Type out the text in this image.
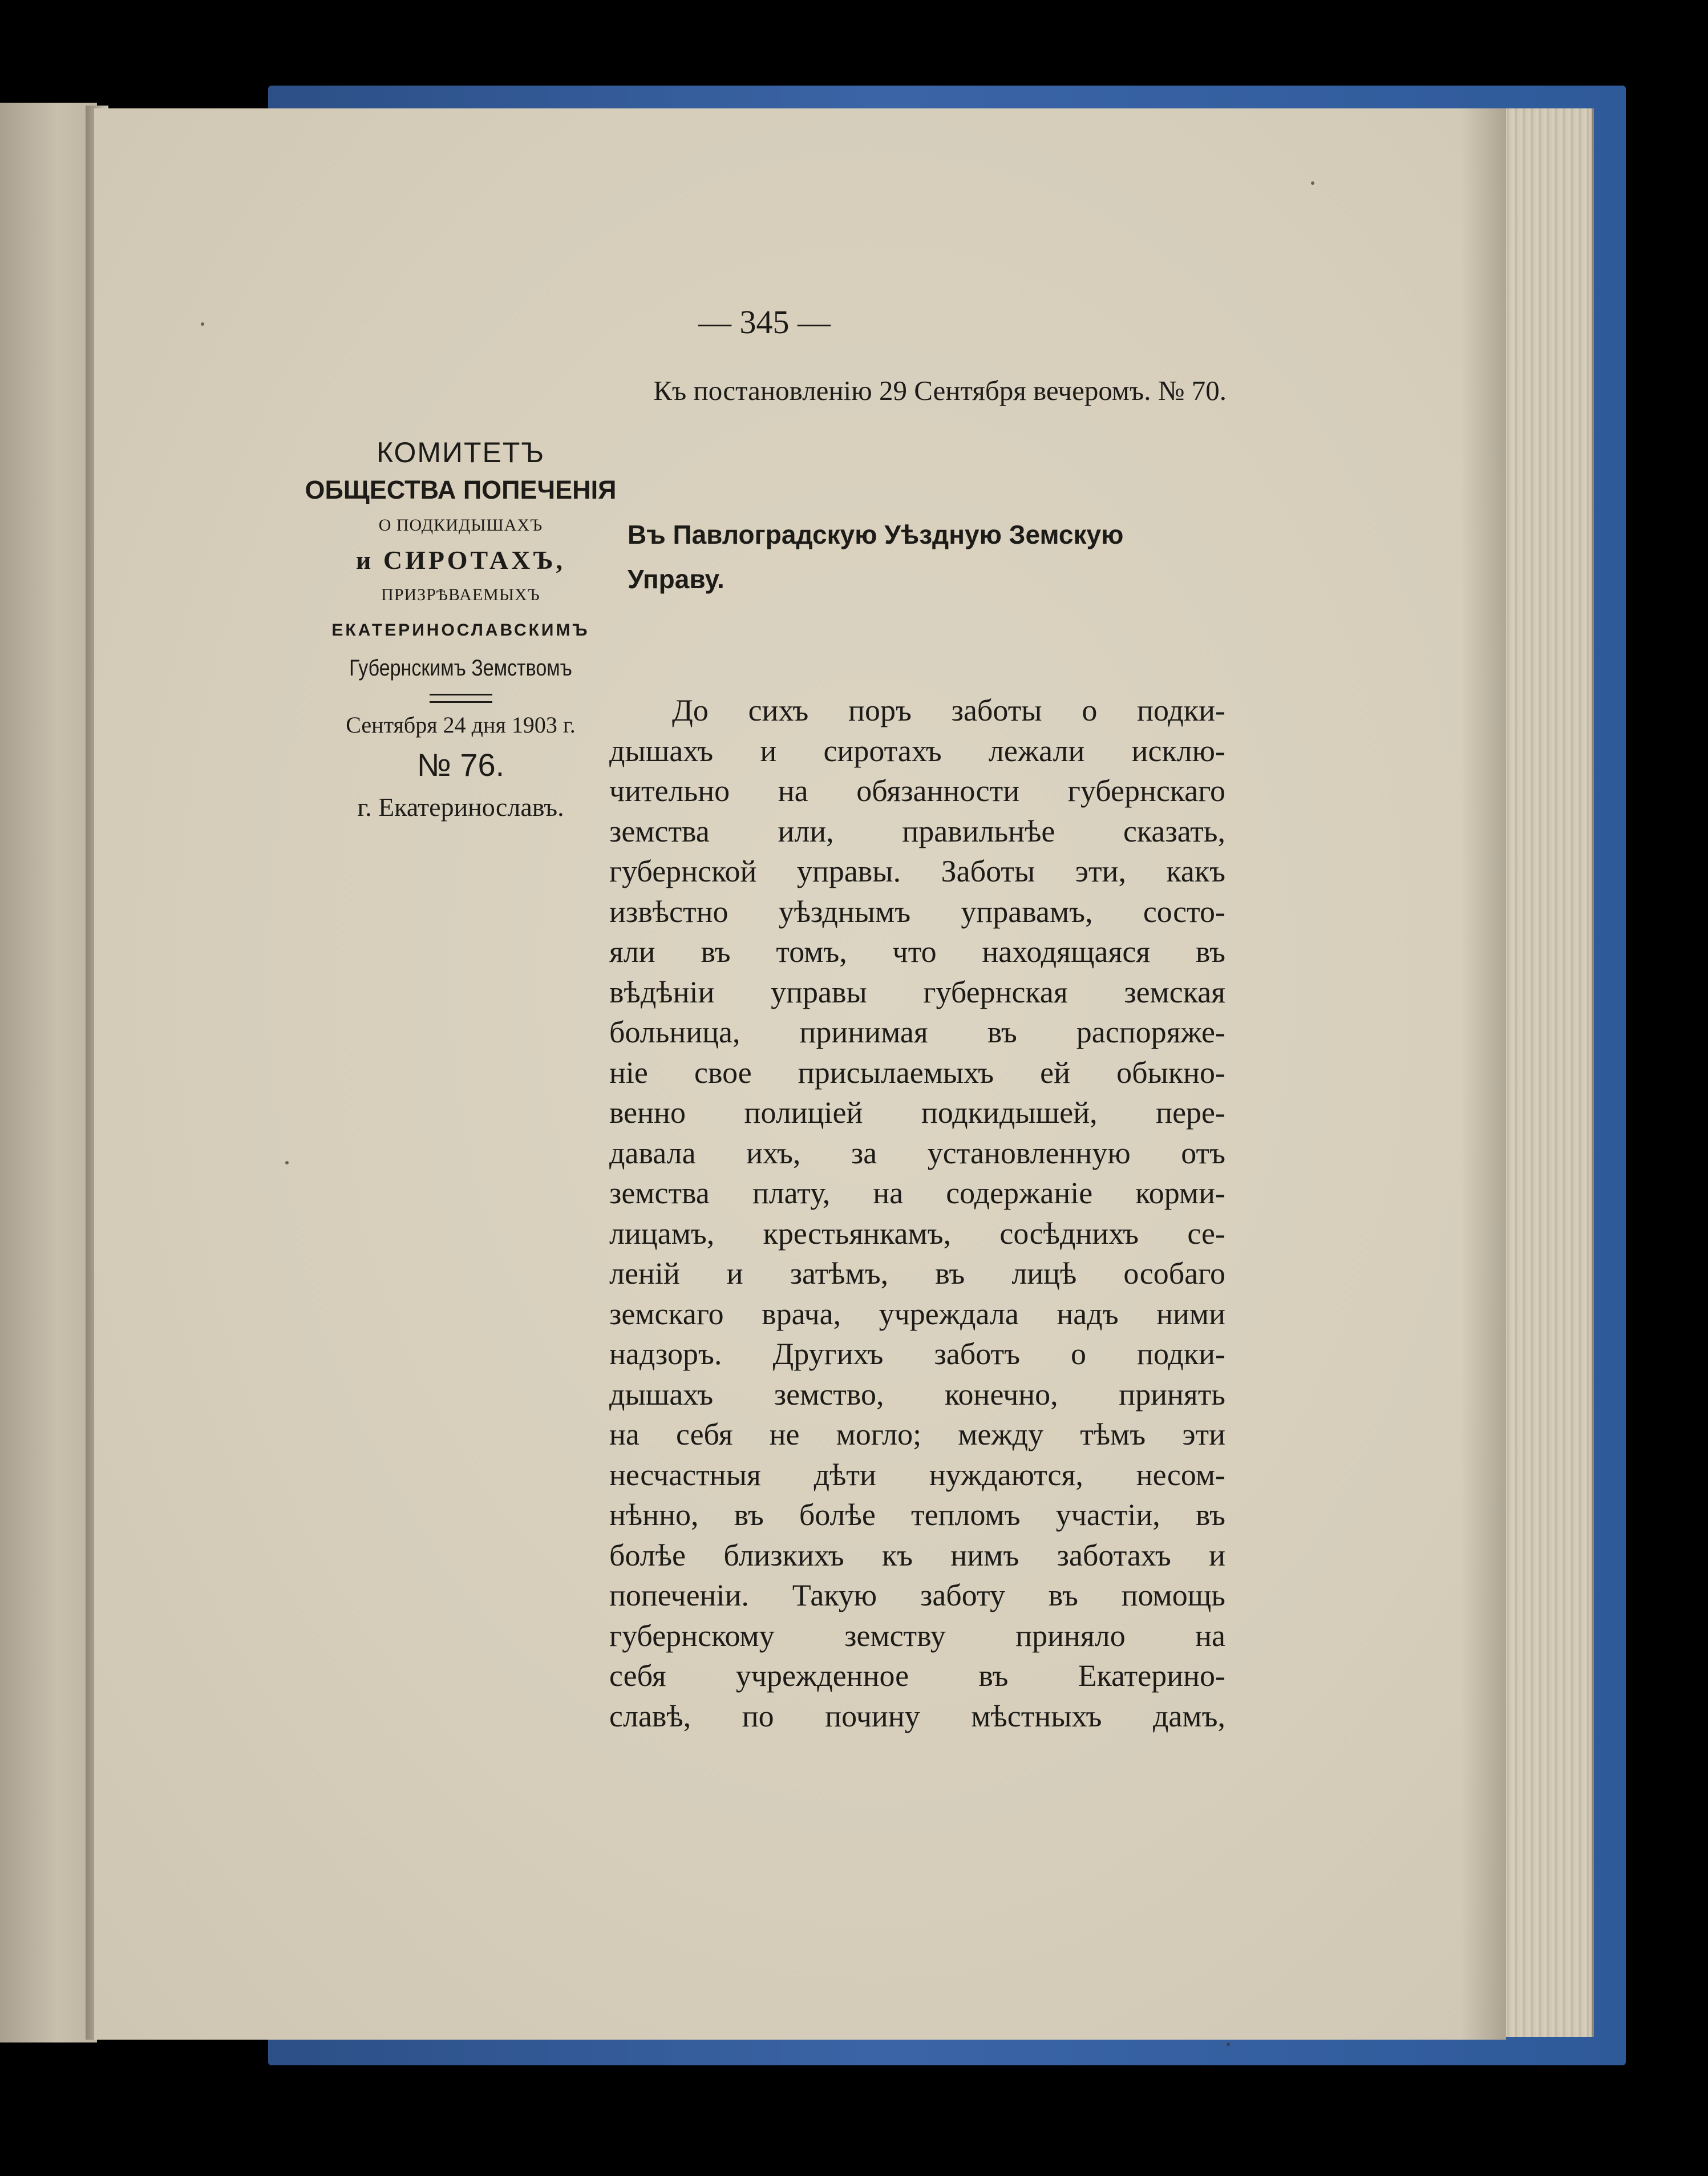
— 345 —
Къ постановленію 29 Сентября вечеромъ. № 70.
КОМИТЕТЪ
ОБЩЕСТВА ПОПЕЧЕНІЯ
О ПОДКИДЫШАХЪ
и СИРОТАХЪ,
ПРИЗРѢВАЕМЫХЪ
ЕКАТЕРИНОСЛАВСКИМЪ
Губернскимъ Земствомъ
Сентября 24 дня 1903 г.
№ 76.
г. Екатеринославъ.
Въ Павлоградскую Уѣздную Земскую
Управу.
До сихъ поръ заботы о подки-
дышахъ и сиротахъ лежали исклю-
чительно на обязанности губернскаго
земства или, правильнѣе сказать,
губернской управы. Заботы эти, какъ
извѣстно уѣзднымъ управамъ, состо-
яли въ томъ, что находящаяся въ
вѣдѣніи управы губернская земская
больница, принимая въ распоряже-
ніе свое присылаемыхъ ей обыкно-
венно полиціей подкидышей, пере-
давала ихъ, за установленную отъ
земства плату, на содержаніе корми-
лицамъ, крестьянкамъ, сосѣднихъ се-
леній и затѣмъ, въ лицѣ особаго
земскаго врача, учреждала надъ ними
надзоръ. Другихъ заботъ о подки-
дышахъ земство, конечно, принять
на себя не могло; между тѣмъ эти
несчастныя дѣти нуждаются, несом-
нѣнно, въ болѣе тепломъ участіи, въ
болѣе близкихъ къ нимъ заботахъ и
попеченіи. Такую заботу въ помощь
губернскому земству приняло на
себя учрежденное въ Екатерино-
славѣ, по почину мѣстныхъ дамъ,
